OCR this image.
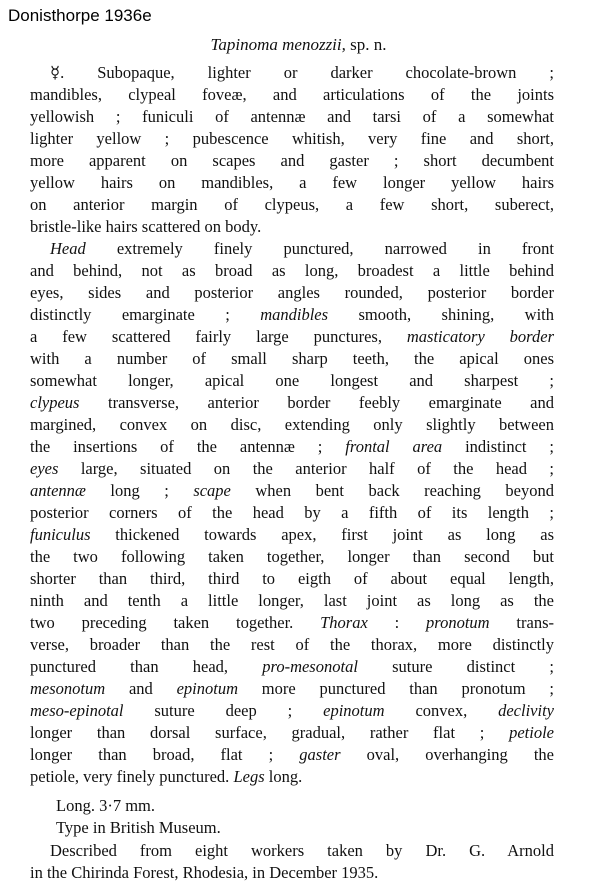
Donisthorpe 1936e
Tapinoma menozzii, sp. n.
☿. Subopaque, lighter or darker chocolate-brown ;
mandibles, clypeal foveæ, and articulations of the joints
yellowish ; funiculi of antennæ and tarsi of a somewhat
lighter yellow ; pubescence whitish, very fine and short,
more apparent on scapes and gaster ; short decumbent
yellow hairs on mandibles, a few longer yellow hairs
on anterior margin of clypeus, a few short, suberect,
bristle-like hairs scattered on body.
Head extremely finely punctured, narrowed in front
and behind, not as broad as long, broadest a little behind
eyes, sides and posterior angles rounded, posterior border
distinctly emarginate ; mandibles smooth, shining, with
a few scattered fairly large punctures, masticatory border
with a number of small sharp teeth, the apical ones
somewhat longer, apical one longest and sharpest ;
clypeus transverse, anterior border feebly emarginate and
margined, convex on disc, extending only slightly between
the insertions of the antennæ ; frontal area indistinct ;
eyes large, situated on the anterior half of the head ;
antennæ long ; scape when bent back reaching beyond
posterior corners of the head by a fifth of its length ;
funiculus thickened towards apex, first joint as long as
the two following taken together, longer than second but
shorter than third, third to eigth of about equal length,
ninth and tenth a little longer, last joint as long as the
two preceding taken together. Thorax : pronotum trans-
verse, broader than the rest of the thorax, more distinctly
punctured than head, pro-mesonotal suture distinct ;
mesonotum and epinotum more punctured than pronotum ;
meso-epinotal suture deep ; epinotum convex, declivity
longer than dorsal surface, gradual, rather flat ; petiole
longer than broad, flat ; gaster oval, overhanging the
petiole, very finely punctured. Legs long.
Long. 3·7 mm.
Type in British Museum.
Described from eight workers taken by Dr. G. Arnold
in the Chirinda Forest, Rhodesia, in December 1935.
